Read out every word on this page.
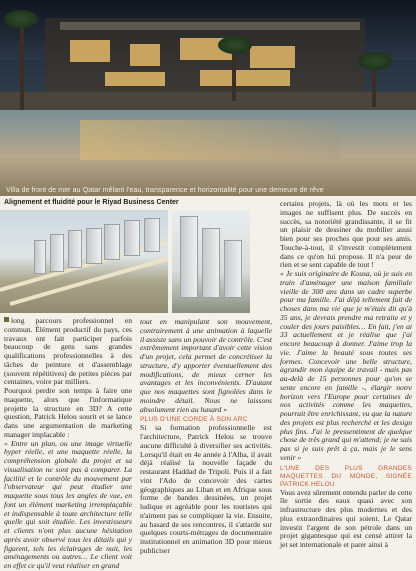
Villa de front de mer au Qatar mêlant l'eau, transparence et horizontalité pour une demeure de rêve
Alignement et fluidité pour le Riyad Business Center

long parcours professionnel en commun. Élément productif du pays, ces travaux ont fait participer parfois beaucoup de gens sans grandes qualifications professionnelles à des tâches de peinture et d'assemblage (souvent répétitives) de petites pièces par centaines, voire par milliers.

Pourquoi perdre son temps à faire une maquette, alors que l'informatique projette la structure en 3D? A cette question, Patrick Helou sourit et se lance dans une argumentation de marketing manager implacable :

« Entre un plan, ou une image virtuelle hyper réelle, et une maquette réelle, la compréhension globale du projet et sa visualisation ne sont pas à comparer. La facilité et le contrôle du mouvement par l'observateur qui peut étudier une maquette sous tous les angles de vue, en font un élément marketing irremplaçable et indispensable à toute architecture telle quelle qui soit étudiée. Les investisseurs et clients n'ont plus aucune hésitation après avoir observé tous les détails qui y figurent, tels les éclairages de nuit, les aménagements ou autres… Le client voit en effet ce qu'il veut réaliser en grand

tout en manipulant son mouvement, contrairement à une animation à laquelle il assiste sans un pouvoir de contrôle. C'est extrêmement important d'avoir cette vision d'un projet, cela permet de concrétiser la structure, d'y apporter éventuellement des modifications, de mieux cerner les avantages et les inconvénients. D'autant que nos maquettes sont fignolées dans le moindre détail. Nous ne laissons absolument rien au hasard »

PLUS D'UNE CORDE À SON ARC

Si sa formation professionnelle est l'architecture, Patrick Helou se trouve aucune difficulté à diversifier ses activités. Lorsqu'il était en 4e année à l'Alba, il avait déjà réalisé la nouvelle façade du restaurant Haddad de Tripoli. Puis il a fait vint l'Ado de concevoir des cartes géographiques au Liban et en Afrique sous forme de bandes dessinées, un projet ludique et agréable pour les touristes qui n'aiment pas se compliquer la vie. Ensuite, au hasard de ses rencontres, il s'attarde sur quelques courts-métrages de documentaire institutionnel en animation 3D pour mieux publiciser

certains projets, là où les mots et les images ne suffisent plus. De succès en succès, sa notoriété grandissante, il se fit un plaisir de dessiner du mobilier aussi bien pour ses proches que pour ses amis. Touche-à-tout, il s'investit complètement dans ce qu'on lui propose. Il n'a peur de rien et se sent capable de tout !

« Je suis originaire de Kousa, où je suis en train d'aménager une maison familiale vieille de 300 ans dans un cadre superbe pour ma famille. J'ai déjà tellement fait de choses dans ma vie que je m'étais dit qu'à 35 ans, je devrais prendre ma retraite et y couler des jours paisibles… En fait, j'en ai 33 actuellement et je réalise que j'ai encore beaucoup à donner. J'aime trop la vie. J'aime la beauté sous toutes ses formes. Concevoir une belle structure, agrandir mon équipe de travail - mais pas au-delà de 15 personnes pour qu'on se sente encore en famille -, élargir notre horizon vers l'Europe pour certaines de nos activités comme les maquettes, pourrait être enrichissant, vu que la nature des projets est plus recherché et les design plus fins. J'ai le pressentiment de quelque chose de très grand qui m'attend; je ne sais pas si je suis prêt à ça, mais je le sens venir »

L'UNE DES PLUS GRANDES MAQUETTES DU MONDE, SIGNÉE PATRICK HELOU

Vous avez sûrement entendu parler de cette île sortie des eaux quasi avec son infrastructure des plus modernes et des plus extraordinaires qui soient. Le Qatar investit l'argent de son pétrole dans un projet gigantesque qui est censé attirer la jet set internationale et parer ainsi à
